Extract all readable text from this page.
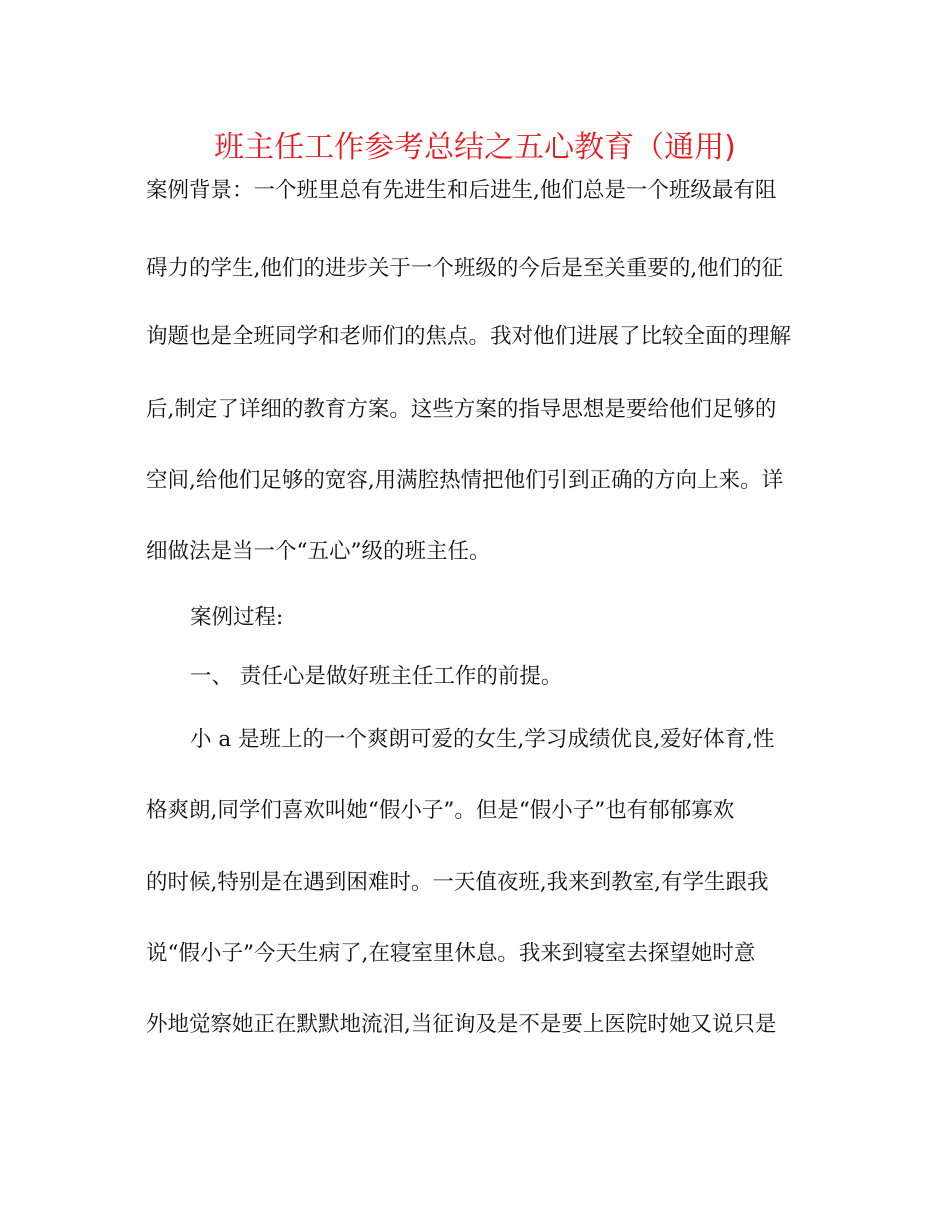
班主任工作参考总结之五心教育（通用)
案例背景：一个班里总有先进生和后进生,他们总是一个班级最有阻
碍力的学生,他们的进步关于一个班级的今后是至关重要的,他们的征
询题也是全班同学和老师们的焦点。我对他们进展了比较全面的理解
后,制定了详细的教育方案。这些方案的指导思想是要给他们足够的
空间,给他们足够的宽容,用满腔热情把他们引到正确的方向上来。详
细做法是当一个“五心”级的班主任。
案例过程:
一、 责任心是做好班主任工作的前提。
小 a 是班上的一个爽朗可爱的女生,学习成绩优良,爱好体育,性
格爽朗,同学们喜欢叫她“假小子”。但是“假小子”也有郁郁寡欢
的时候,特别是在遇到困难时。一天值夜班,我来到教室,有学生跟我
说“假小子”今天生病了,在寝室里休息。我来到寝室去探望她时意
外地觉察她正在默默地流泪,当征询及是不是要上医院时她又说只是
